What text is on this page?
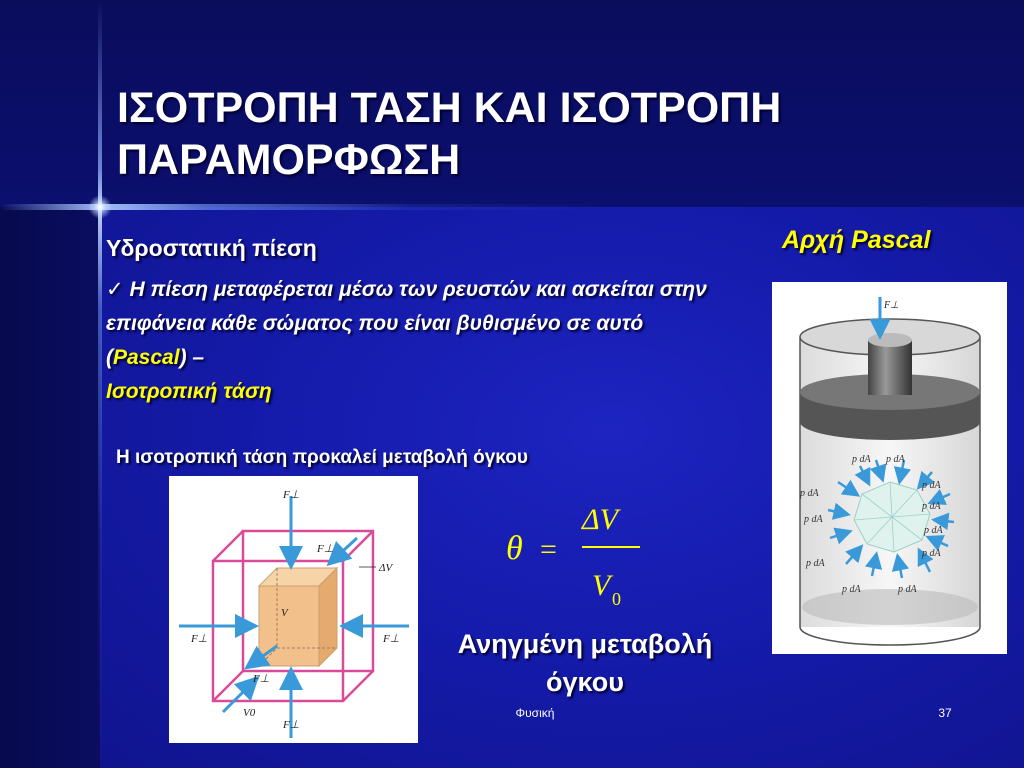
ΙΣΟΤΡΟΠΗ ΤΑΣΗ ΚΑΙ ΙΣΟΤΡΟΠΗ ΠΑΡΑΜΟΡΦΩΣΗ
Υδροστατική πίεση
✓ Η πίεση μεταφέρεται μέσω των ρευστών και ασκείται στην επιφάνεια κάθε σώματος που είναι βυθισμένο σε αυτό (Pascal) –
Ισοτροπική τάση
Η ισοτροπική τάση προκαλεί μεταβολή όγκου
Αρχή Pascal
F⊥
F⊥
F⊥	F⊥
F⊥
F⊥
ΔV
V
V0
F⊥
p dA p dA
p dA
p dA
p dA
p dA
p dA
p dA
p dA
p dA
p dA
θ =
ΔV
V 0
Ανηγμένη μεταβολή όγκου
Φυσική	37
